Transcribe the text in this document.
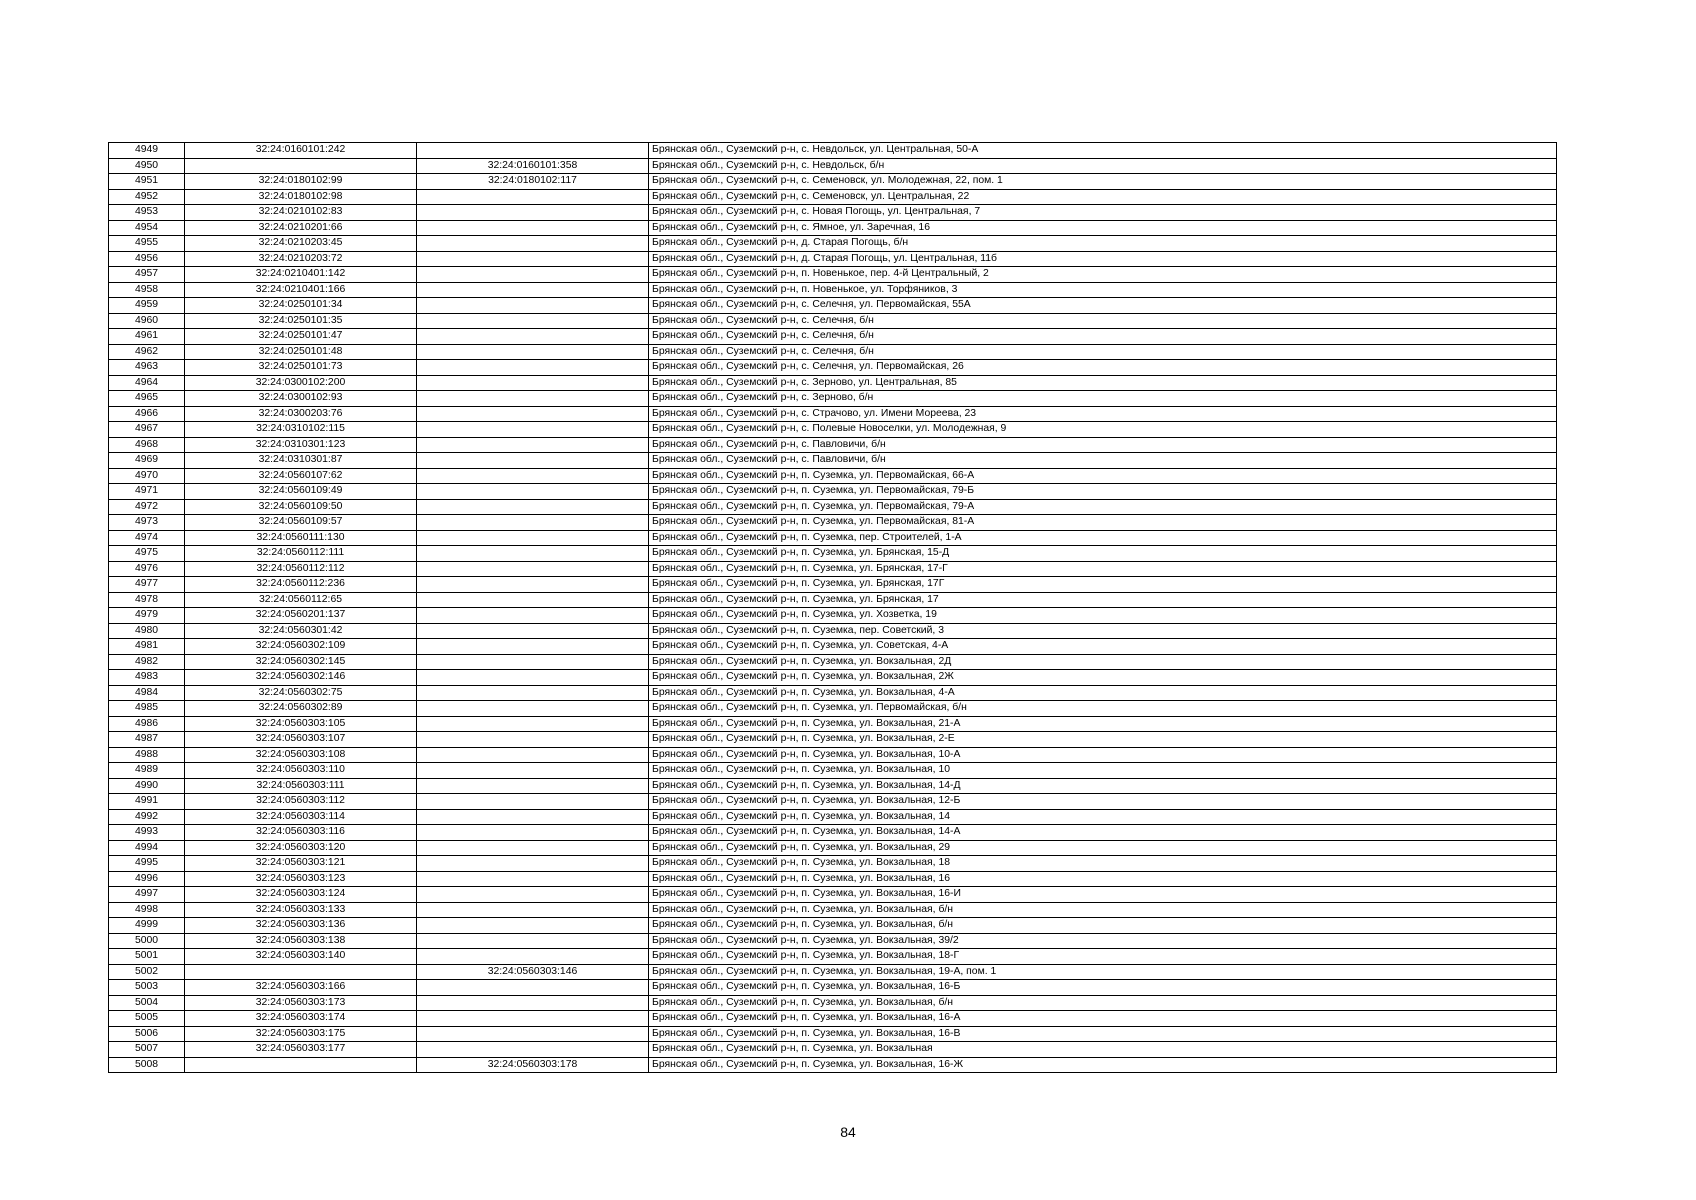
4949	32:24:0160101:242		Брянская обл., Суземский р-н, с. Невдольск, ул. Центральная, 50-А
4950		32:24:0160101:358	Брянская обл., Суземский р-н, с. Невдольск, б/н
4951	32:24:0180102:99	32:24:0180102:117	Брянская обл., Суземский р-н, с. Семеновск, ул. Молодежная, 22, пом. 1
4952	32:24:0180102:98		Брянская обл., Суземский р-н, с. Семеновск, ул. Центральная, 22
4953	32:24:0210102:83		Брянская обл., Суземский р-н, с. Новая Погощь, ул. Центральная, 7
4954	32:24:0210201:66		Брянская обл., Суземский р-н, с. Ямное, ул. Заречная, 16
4955	32:24:0210203:45		Брянская обл., Суземский р-н, д. Старая Погощь, б/н
4956	32:24:0210203:72		Брянская обл., Суземский р-н, д. Старая Погощь, ул. Центральная, 11б
4957	32:24:0210401:142		Брянская обл., Суземский р-н, п. Новенькое, пер. 4-й Центральный, 2
4958	32:24:0210401:166		Брянская обл., Суземский р-н, п. Новенькое, ул. Торфяников, 3
4959	32:24:0250101:34		Брянская обл., Суземский р-н, с. Селечня, ул. Первомайская, 55А
4960	32:24:0250101:35		Брянская обл., Суземский р-н, с. Селечня, б/н
4961	32:24:0250101:47		Брянская обл., Суземский р-н, с. Селечня, б/н
4962	32:24:0250101:48		Брянская обл., Суземский р-н, с. Селечня, б/н
4963	32:24:0250101:73		Брянская обл., Суземский р-н, с. Селечня, ул. Первомайская, 26
4964	32:24:0300102:200		Брянская обл., Суземский р-н, с. Зерново, ул. Центральная, 85
4965	32:24:0300102:93		Брянская обл., Суземский р-н, с. Зерново, б/н
4966	32:24:0300203:76		Брянская обл., Суземский р-н, с. Страчово, ул. Имени Мореева, 23
4967	32:24:0310102:115		Брянская обл., Суземский р-н, с. Полевые Новоселки, ул. Молодежная, 9
4968	32:24:0310301:123		Брянская обл., Суземский р-н, с. Павловичи, б/н
4969	32:24:0310301:87		Брянская обл., Суземский р-н, с. Павловичи, б/н
4970	32:24:0560107:62		Брянская обл., Суземский р-н, п. Суземка, ул. Первомайская, 66-А
4971	32:24:0560109:49		Брянская обл., Суземский р-н, п. Суземка, ул. Первомайская, 79-Б
4972	32:24:0560109:50		Брянская обл., Суземский р-н, п. Суземка, ул. Первомайская, 79-А
4973	32:24:0560109:57		Брянская обл., Суземский р-н, п. Суземка, ул. Первомайская, 81-А
4974	32:24:0560111:130		Брянская обл., Суземский р-н, п. Суземка, пер. Строителей, 1-А
4975	32:24:0560112:111		Брянская обл., Суземский р-н, п. Суземка, ул. Брянская, 15-Д
4976	32:24:0560112:112		Брянская обл., Суземский р-н, п. Суземка, ул. Брянская, 17-Г
4977	32:24:0560112:236		Брянская обл., Суземский р-н, п. Суземка, ул. Брянская, 17Г
4978	32:24:0560112:65		Брянская обл., Суземский р-н, п. Суземка, ул. Брянская, 17
4979	32:24:0560201:137		Брянская обл., Суземский р-н, п. Суземка, ул. Хозветка, 19
4980	32:24:0560301:42		Брянская обл., Суземский р-н, п. Суземка, пер. Советский, 3
4981	32:24:0560302:109		Брянская обл., Суземский р-н, п. Суземка, ул. Советская, 4-А
4982	32:24:0560302:145		Брянская обл., Суземский р-н, п. Суземка, ул. Вокзальная, 2Д
4983	32:24:0560302:146		Брянская обл., Суземский р-н, п. Суземка, ул. Вокзальная, 2Ж
4984	32:24:0560302:75		Брянская обл., Суземский р-н, п. Суземка, ул. Вокзальная, 4-А
4985	32:24:0560302:89		Брянская обл., Суземский р-н, п. Суземка, ул. Первомайская, б/н
4986	32:24:0560303:105		Брянская обл., Суземский р-н, п. Суземка, ул. Вокзальная, 21-А
4987	32:24:0560303:107		Брянская обл., Суземский р-н, п. Суземка, ул. Вокзальная, 2-Е
4988	32:24:0560303:108		Брянская обл., Суземский р-н, п. Суземка, ул. Вокзальная, 10-А
4989	32:24:0560303:110		Брянская обл., Суземский р-н, п. Суземка, ул. Вокзальная, 10
4990	32:24:0560303:111		Брянская обл., Суземский р-н, п. Суземка, ул. Вокзальная, 14-Д
4991	32:24:0560303:112		Брянская обл., Суземский р-н, п. Суземка, ул. Вокзальная, 12-Б
4992	32:24:0560303:114		Брянская обл., Суземский р-н, п. Суземка, ул. Вокзальная, 14
4993	32:24:0560303:116		Брянская обл., Суземский р-н, п. Суземка, ул. Вокзальная, 14-А
4994	32:24:0560303:120		Брянская обл., Суземский р-н, п. Суземка, ул. Вокзальная, 29
4995	32:24:0560303:121		Брянская обл., Суземский р-н, п. Суземка, ул. Вокзальная, 18
4996	32:24:0560303:123		Брянская обл., Суземский р-н, п. Суземка, ул. Вокзальная, 16
4997	32:24:0560303:124		Брянская обл., Суземский р-н, п. Суземка, ул. Вокзальная, 16-И
4998	32:24:0560303:133		Брянская обл., Суземский р-н, п. Суземка, ул. Вокзальная, б/н
4999	32:24:0560303:136		Брянская обл., Суземский р-н, п. Суземка, ул. Вокзальная, б/н
5000	32:24:0560303:138		Брянская обл., Суземский р-н, п. Суземка, ул. Вокзальная, 39/2
5001	32:24:0560303:140		Брянская обл., Суземский р-н, п. Суземка, ул. Вокзальная, 18-Г
5002		32:24:0560303:146	Брянская обл., Суземский р-н, п. Суземка, ул. Вокзальная, 19-А, пом. 1
5003	32:24:0560303:166		Брянская обл., Суземский р-н, п. Суземка, ул. Вокзальная, 16-Б
5004	32:24:0560303:173		Брянская обл., Суземский р-н, п. Суземка, ул. Вокзальная, б/н
5005	32:24:0560303:174		Брянская обл., Суземский р-н, п. Суземка, ул. Вокзальная, 16-А
5006	32:24:0560303:175		Брянская обл., Суземский р-н, п. Суземка, ул. Вокзальная, 16-В
5007	32:24:0560303:177		Брянская обл., Суземский р-н, п. Суземка, ул. Вокзальная
5008		32:24:0560303:178	Брянская обл., Суземский р-н, п. Суземка, ул. Вокзальная, 16-Ж
84
